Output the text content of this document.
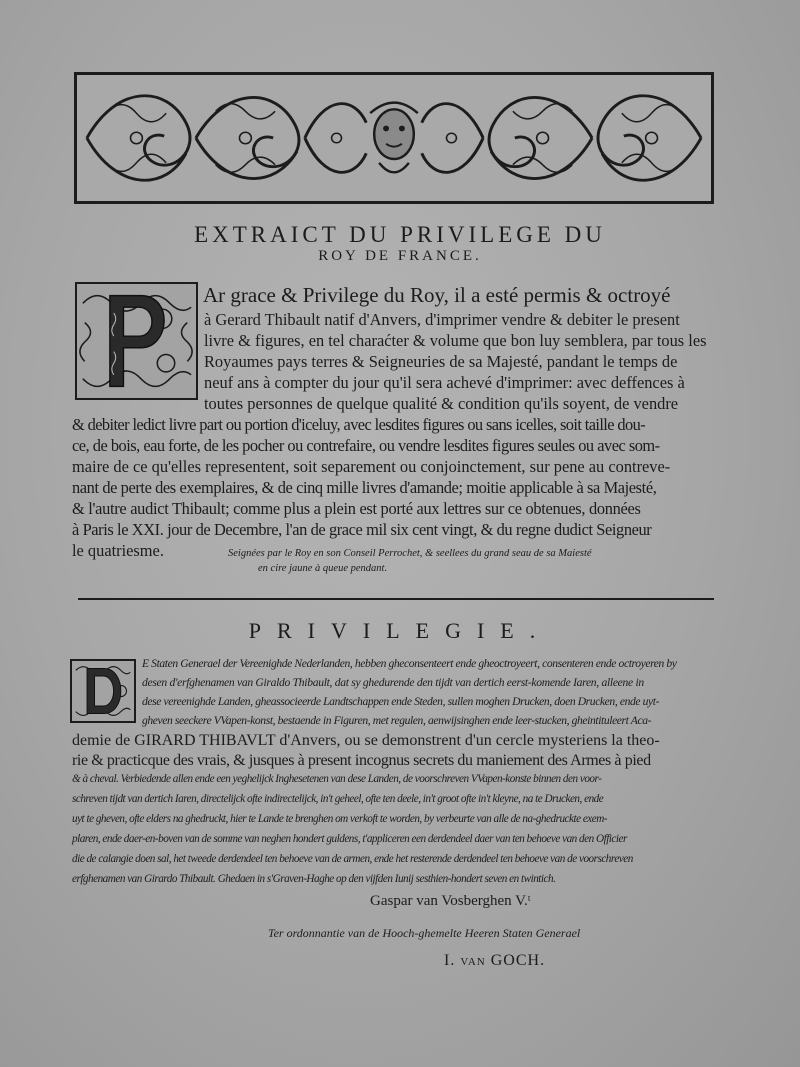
EXTRAICT DU PRIVILEGE DU
ROY DE FRANCE.
Ar grace & Privilege du Roy, il a esté permis & octroyé
à Gerard Thibault natif d'Anvers, d'imprimer vendre & debiter le present
livre & figures, en tel charaćter & volume que bon luy semblera, par tous les
Royaumes pays terres & Seigneuries de sa Majesté, pandant le temps de
neuf ans à compter du jour qu'il sera achevé d'imprimer: avec deffences à
toutes personnes de quelque qualité & condition qu'ils soyent, de vendre
& debiter ledict livre part ou portion d'iceluy, avec lesdites figures ou sans icelles, soit taille dou-
ce, de bois, eau forte, de les pocher ou contrefaire, ou vendre lesdites figures seules ou avec som-
maire de ce qu'elles representent, soit separement ou conjoinctement, sur pene au contreve-
nant de perte des exemplaires, & de cinq mille livres d'amande; moitie applicable à sa Majesté,
& l'autre audict Thibault; comme plus a plein est porté aux lettres sur ce obtenues, données
à Paris le XXI. jour de Decembre, l'an de grace mil six cent vingt, & du regne dudict Seigneur
le quatriesme.	Seignées par le Roy en son Conseil Perrochet, & seellees du grand seau de sa Maiesté
en cire jaune à queue pendant.
PRIVILEGIE.
E Staten Generael der Vereenighde Nederlanden, hebben gheconsenteert ende gheoctroyeert, consenteren ende octroyeren by
desen d'erfghenamen van Giraldo Thibault, dat sy ghedurende den tijdt van dertich eerst-komende Iaren, alleene in
dese vereenighde Landen, gheassocieerde Landtschappen ende Steden, sullen moghen Drucken, doen Drucken, ende uyt-
gheven seeckere VVapen-konst, bestaende in Figuren, met regulen, aenwijsinghen ende leer-stucken, gheintituleert Aca-
demie de GIRARD THIBAVLT d'Anvers, ou se demonstrent d'un cercle mysteriens la theo-
rie & practicque des vrais, & jusques à present incognus secrets du maniement des Armes à pied
& à cheval. Verbiedende allen ende een yeghelijck Inghesetenen van dese Landen, de voorschreven VVapen-konste binnen den voor-
schreven tijdt van dertich Iaren, directelijck ofte indirectelijck, in't geheel, ofte ten deele, in't groot ofte in't kleyne, na te Drucken, ende
uyt te gheven, ofte elders na ghedruckt, hier te Lande te brenghen om verkoft te worden, by verbeurte van alle de na-ghedruckte exem-
plaren, ende daer-en-boven van de somme van neghen hondert guldens, t'appliceren een derdendeel daer van ten behoeve van den Officier
die de calangie doen sal, het tweede derdendeel ten behoeve van de armen, ende het resterende derdendeel ten behoeve van de voorschreven
erfghenamen van Girardo Thibault. Ghedaen in s'Graven-Haghe op den vijfden Iunij sesthien-hondert seven en twintich.
Gaspar van Vosberghen V.ᵗ
Ter ordonnantie van de Hooch-ghemelte Heeren Staten Generael
I. van GOCH.
